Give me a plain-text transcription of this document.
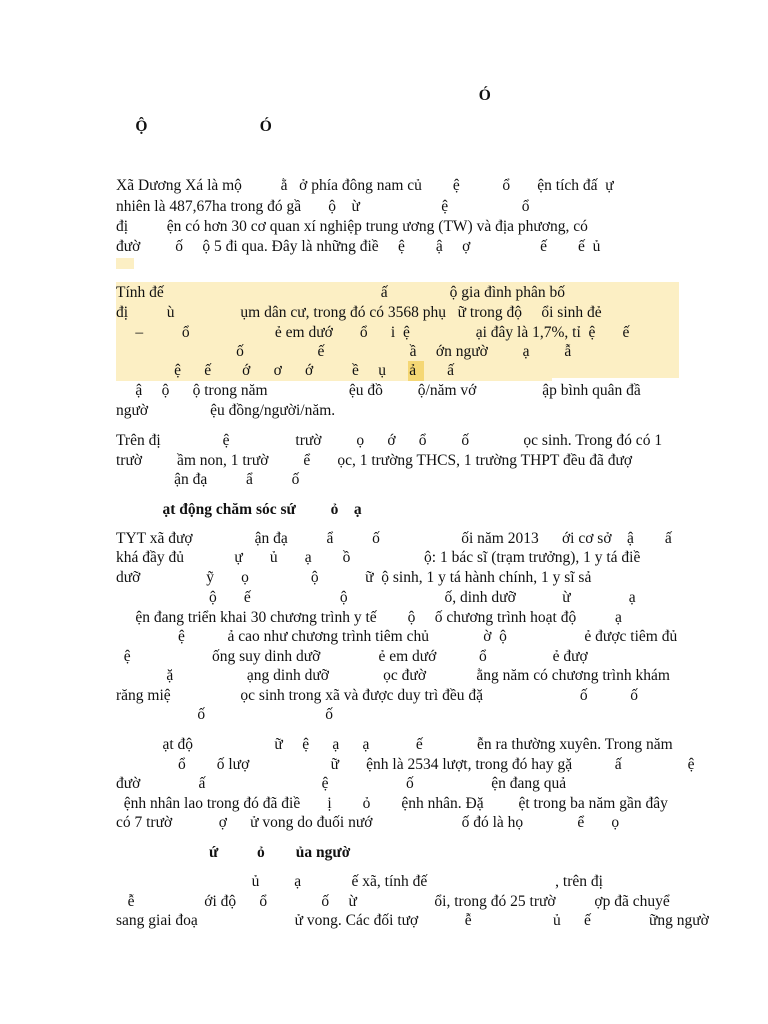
Ó

Ộ                             Ó

Xã Dương Xá là mộ          ằ   ở phía đông nam củ        ệ           ổ       ện tích đấ  ự

nhiên là 487,67ha trong đó gầ       ộ    ừ                     ệ                   ổ

đị          ện có hơn 30 cơ quan xí nghiệp trung ương (TW) và địa phương, có

đườ         ố     ộ 5 đi qua. Đây là những điề     ệ        ậ     ợ                  ế        ế  ủ

Tính đế                                                        ấ                ộ gia đình phân bố

đị          ù                 ụm dân cư, trong đó có 3568 phụ   ữ trong độ     ổi sinh đẻ

–          ổ                      ẻ em dướ       ổ      i  ệ                 ại đây là 1,7%, tỉ  ệ       ế

ố                   ế                      ầ     ớn ngườ         ạ         ẫ

ệ      ế        ớ      ơ      ớ          ề     ụ      ả        ấ

ậ     ộ      ộ trong năm                     ệu đồ         ộ/năm vớ                 ập bình quân đầ

ngườ                ệu đồng/người/năm.

Trên đị                ệ                 trườ         ọ      ớ      ổ         ố              ọc sinh. Trong đó có 1

trườ         ầm non, 1 trườ         ể       ọc, 1 trường THCS, 1 trường THPT đều đã đượ

ận đạ          ẩ          ố

ạt động chăm sóc sứ         ỏ    ạ

TYT xã đượ                ận đạ          ẩ          ố                     ối năm 2013      ới cơ sở    ậ        ấ

khá đầy đủ             ự       ủ       ạ        ồ                   ộ: 1 bác sĩ (trạm trưởng), 1 y tá điề

dưỡ                 ỹ       ọ                ộ            ữ  ộ sinh, 1 y tá hành chính, 1 y sĩ sả

ộ       ế                       ộ                         ố, dinh dưỡ            ừ               ạ

ện đang triển khai 30 chương trình y tế        ộ     ố chương trình hoạt độ          ạ

ệ           ả cao như chương trình tiêm chủ              ờ  ộ                    ẻ được tiêm đủ

ệ                     ống suy dinh dưỡ               ẻ em dướ           ổ                 ẻ đượ

ặ                   ạng dinh dưỡ              ọc đườ             ằng năm có chương trình khám

răng miệ                  ọc sinh trong xã và được duy trì đều đặ                         ố           ố

ố                               ố

ạt độ                     ữ     ệ      ạ      ạ            ế              ễn ra thường xuyên. Trong năm

ổ        ố lượ                     ữ       ệnh là 2534 lượt, trong đó hay gặ           ấ                 ệ

đườ               ấ                              ệ                    ố                    ện đang quả

ệnh nhân lao trong đó đã điề       ị        ỏ        ệnh nhân. Đặ         ệt trong ba năm gần đây

có 7 trườ            ợ      ử vong do đuối nướ                       ố đó là họ              ể       ọ

ứ          ỏ        ủa ngườ

ủ         ạ             ế xã, tính đế                                 , trên đị

ễ                  ới độ      ổ              ố     ừ                    ổi, trong đó 25 trườ          ợp đã chuyể

sang giai đoạ                         ử vong. Các đối tượ            ễ                     ủ      ế               ững ngườ
